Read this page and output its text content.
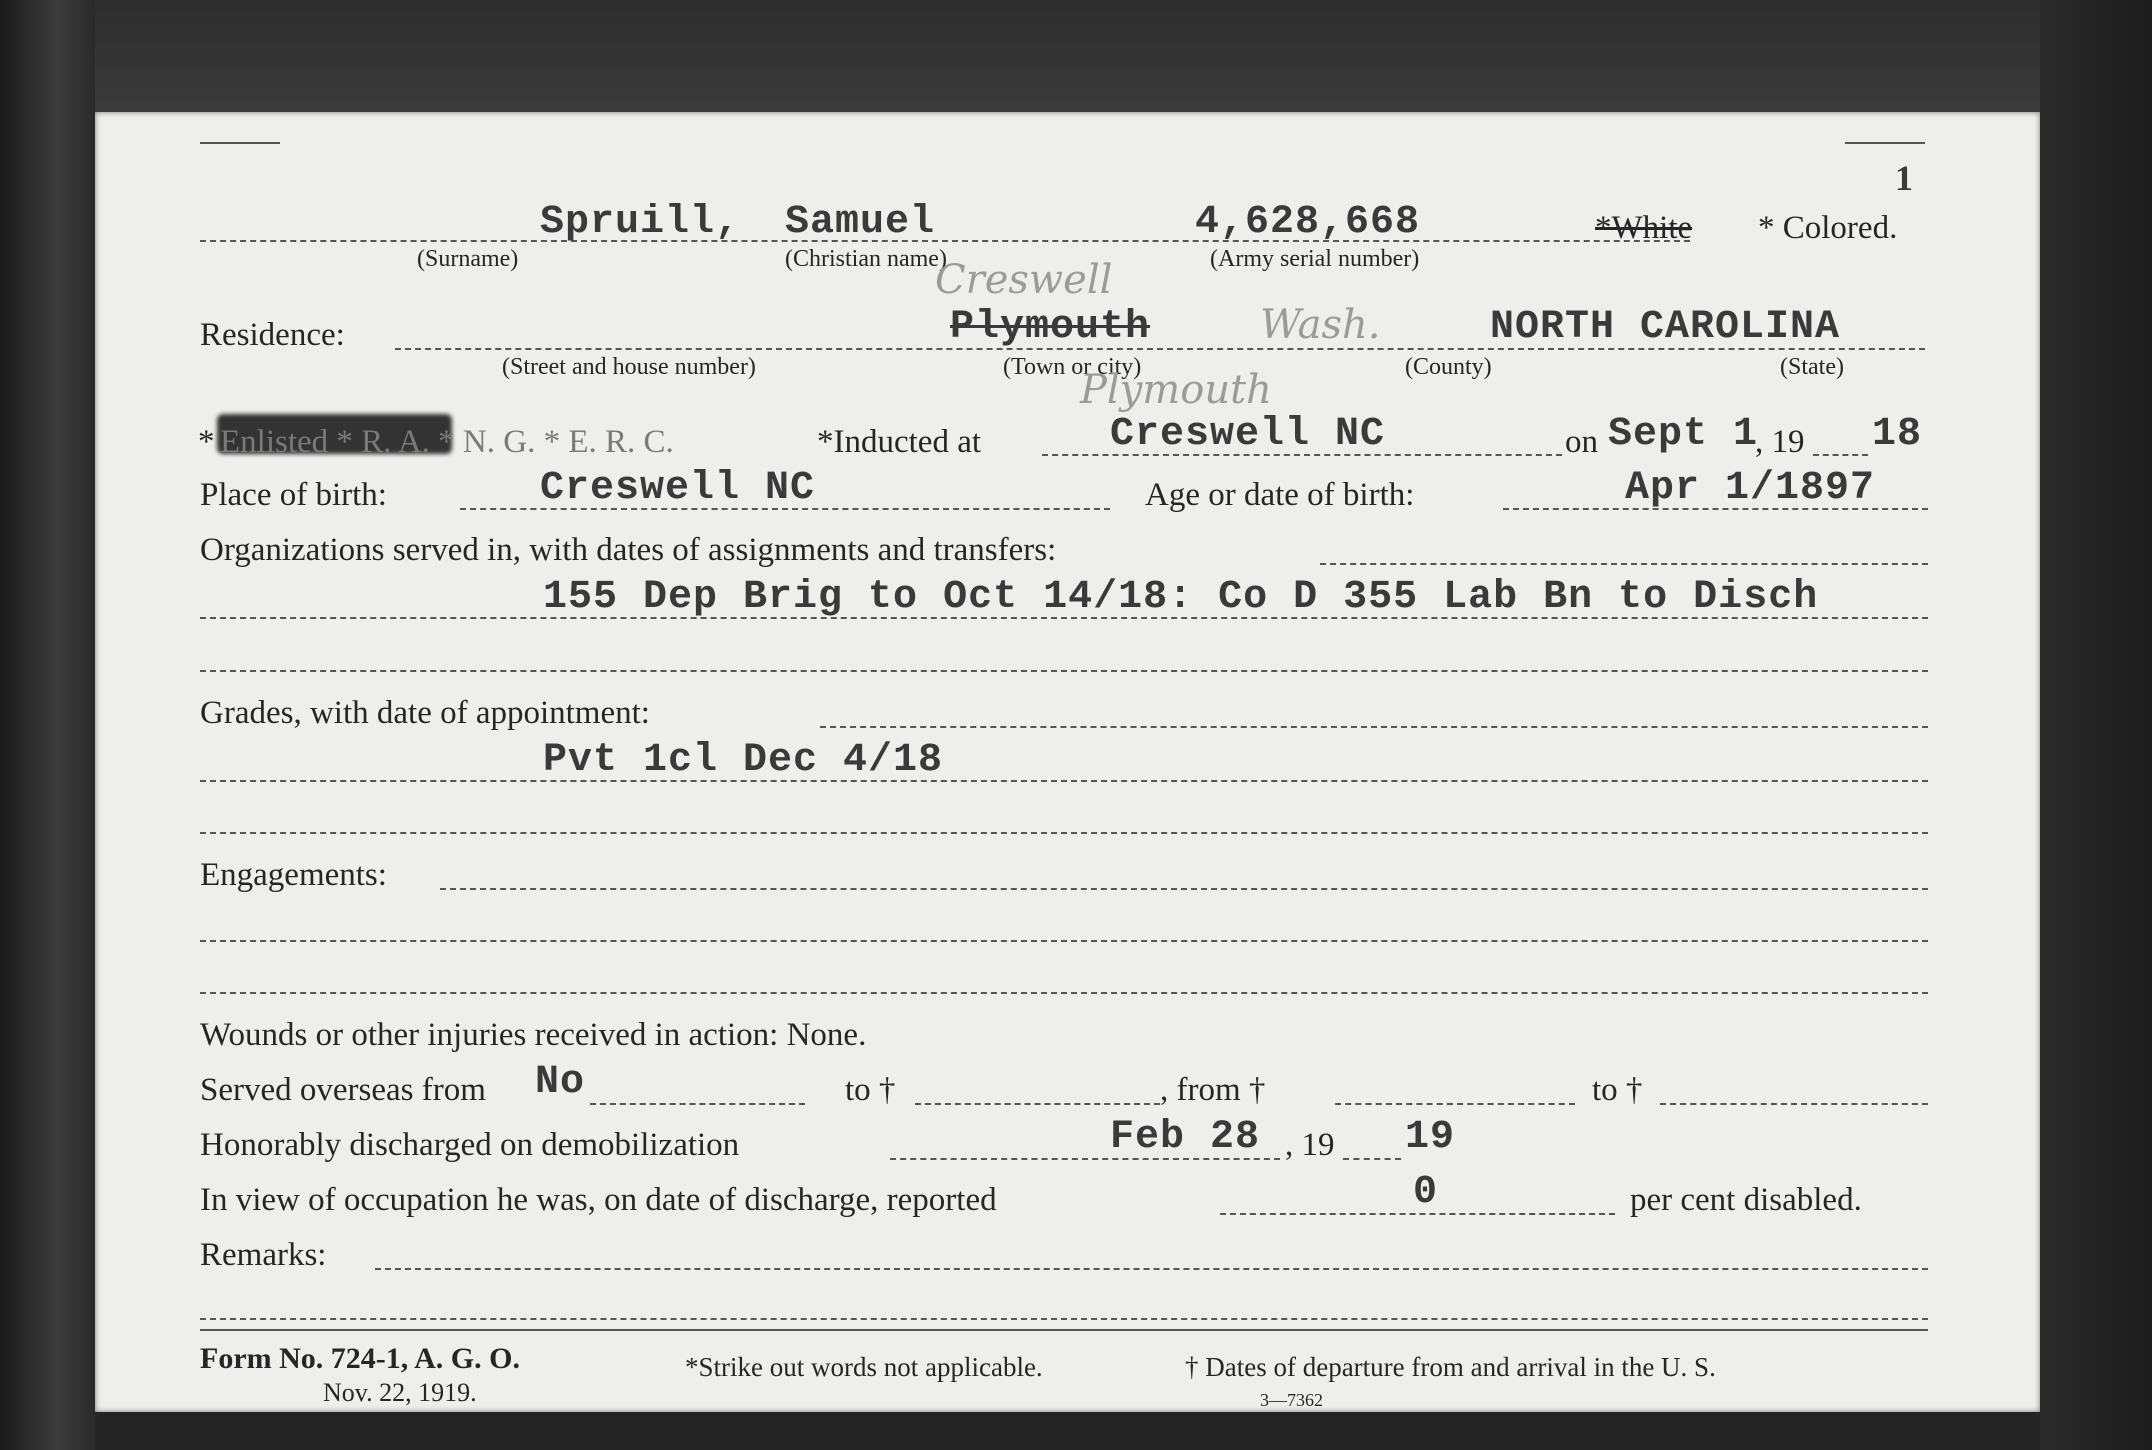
1
Spruill, Samuel	4,628,668	*White * Colored.
(Surname)	(Christian name)	(Army serial number)
Creswell
Residence:	Plymouth	Wash.	NORTH CAROLINA
(Street and house number)	(Town or city)	(County)	(State)
Plymouth
* Enlisted * R. A. * N. G. * E. R. C.	*Inducted at	Creswell NC	on Sept 1
, 19 18
Place of birth:	Creswell NC	Age or date of birth:	Apr 1/1897
Organizations served in, with dates of assignments and transfers:
155 Dep Brig to Oct 14/18: Co D 355 Lab Bn to Disch
Grades, with date of appointment:
Pvt 1cl Dec 4/18
Engagements:
Wounds or other injuries received in action: None.
Served overseas from No	to †	, from †	to †
Honorably discharged on demobilization	Feb 28 , 19 19
In view of occupation he was, on date of discharge, reported	0	per cent disabled.
Remarks:
Form No. 724-1, A. G. O.
Nov. 22, 1919.
*Strike out words not applicable.	† Dates of departure from and arrival in the U. S.
3—7362
